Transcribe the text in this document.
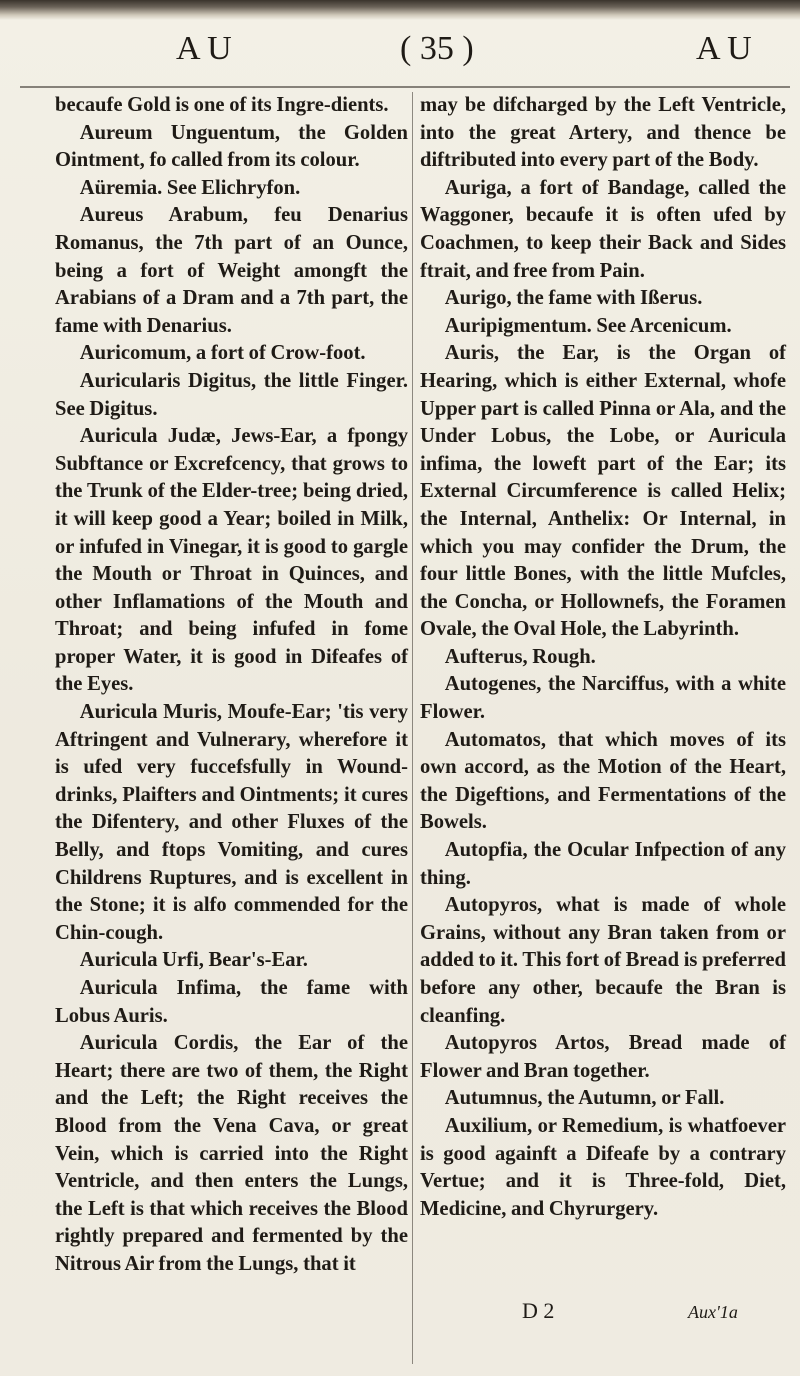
A U	( 35 )	A U

becaufe Gold is one of its Ingre-dients.

Aureum Unguentum, the Golden Ointment, fo called from its colour.

Aüremia. See Elichryfon.

Aureus Arabum, feu Denarius Romanus, the 7th part of an Ounce, being a fort of Weight amongft the Arabians of a Dram and a 7th part, the fame with Denarius.

Auricomum, a fort of Crow-foot.

Auricularis Digitus, the little Finger. See Digitus.

Auricula Judæ, Jews-Ear, a fpongy Subftance or Excrefcency, that grows to the Trunk of the Elder-tree; being dried, it will keep good a Year; boiled in Milk, or infufed in Vinegar, it is good to gargle the Mouth or Throat in Quinces, and other Inflamations of the Mouth and Throat; and being infufed in fome proper Water, it is good in Difeafes of the Eyes.

Auricula Muris, Moufe-Ear; 'tis very Aftringent and Vulnerary, wherefore it is ufed very fuccefsfully in Wound-drinks, Plaifters and Ointments; it cures the Difentery, and other Fluxes of the Belly, and ftops Vomiting, and cures Childrens Ruptures, and is excellent in the Stone; it is alfo commended for the Chin-cough.

Auricula Urfi, Bear's-Ear.

Auricula Infima, the fame with Lobus Auris.

Auricula Cordis, the Ear of the Heart; there are two of them, the Right and the Left; the Right receives the Blood from the Vena Cava, or great Vein, which is carried into the Right Ventricle, and then enters the Lungs, the Left is that which receives the Blood rightly prepared and fermented by the Nitrous Air from the Lungs, that it

may be difcharged by the Left Ventricle, into the great Artery, and thence be diftributed into every part of the Body.

Auriga, a fort of Bandage, called the Waggoner, becaufe it is often ufed by Coachmen, to keep their Back and Sides ftrait, and free from Pain.

Aurigo, the fame with Ißerus.

Auripigmentum. See Arcenicum.

Auris, the Ear, is the Organ of Hearing, which is either External, whofe Upper part is called Pinna or Ala, and the Under Lobus, the Lobe, or Auricula infima, the loweft part of the Ear; its External Circumference is called Helix; the Internal, Anthelix: Or Internal, in which you may confider the Drum, the four little Bones, with the little Mufcles, the Concha, or Hollownefs, the Foramen Ovale, the Oval Hole, the Labyrinth.

Aufterus, Rough.

Autogenes, the Narciffus, with a white Flower.

Automatos, that which moves of its own accord, as the Motion of the Heart, the Digeftions, and Fermentations of the Bowels.

Autopfia, the Ocular Infpection of any thing.

Autopyros, what is made of whole Grains, without any Bran taken from or added to it. This fort of Bread is preferred before any other, becaufe the Bran is cleanfing.

Autopyros Artos, Bread made of Flower and Bran together.

Autumnus, the Autumn, or Fall.

Auxilium, or Remedium, is whatfoever is good againft a Difeafe by a contrary Vertue; and it is Three-fold, Diet, Medicine, and Chyrurgery.

D 2	Aux'1a
